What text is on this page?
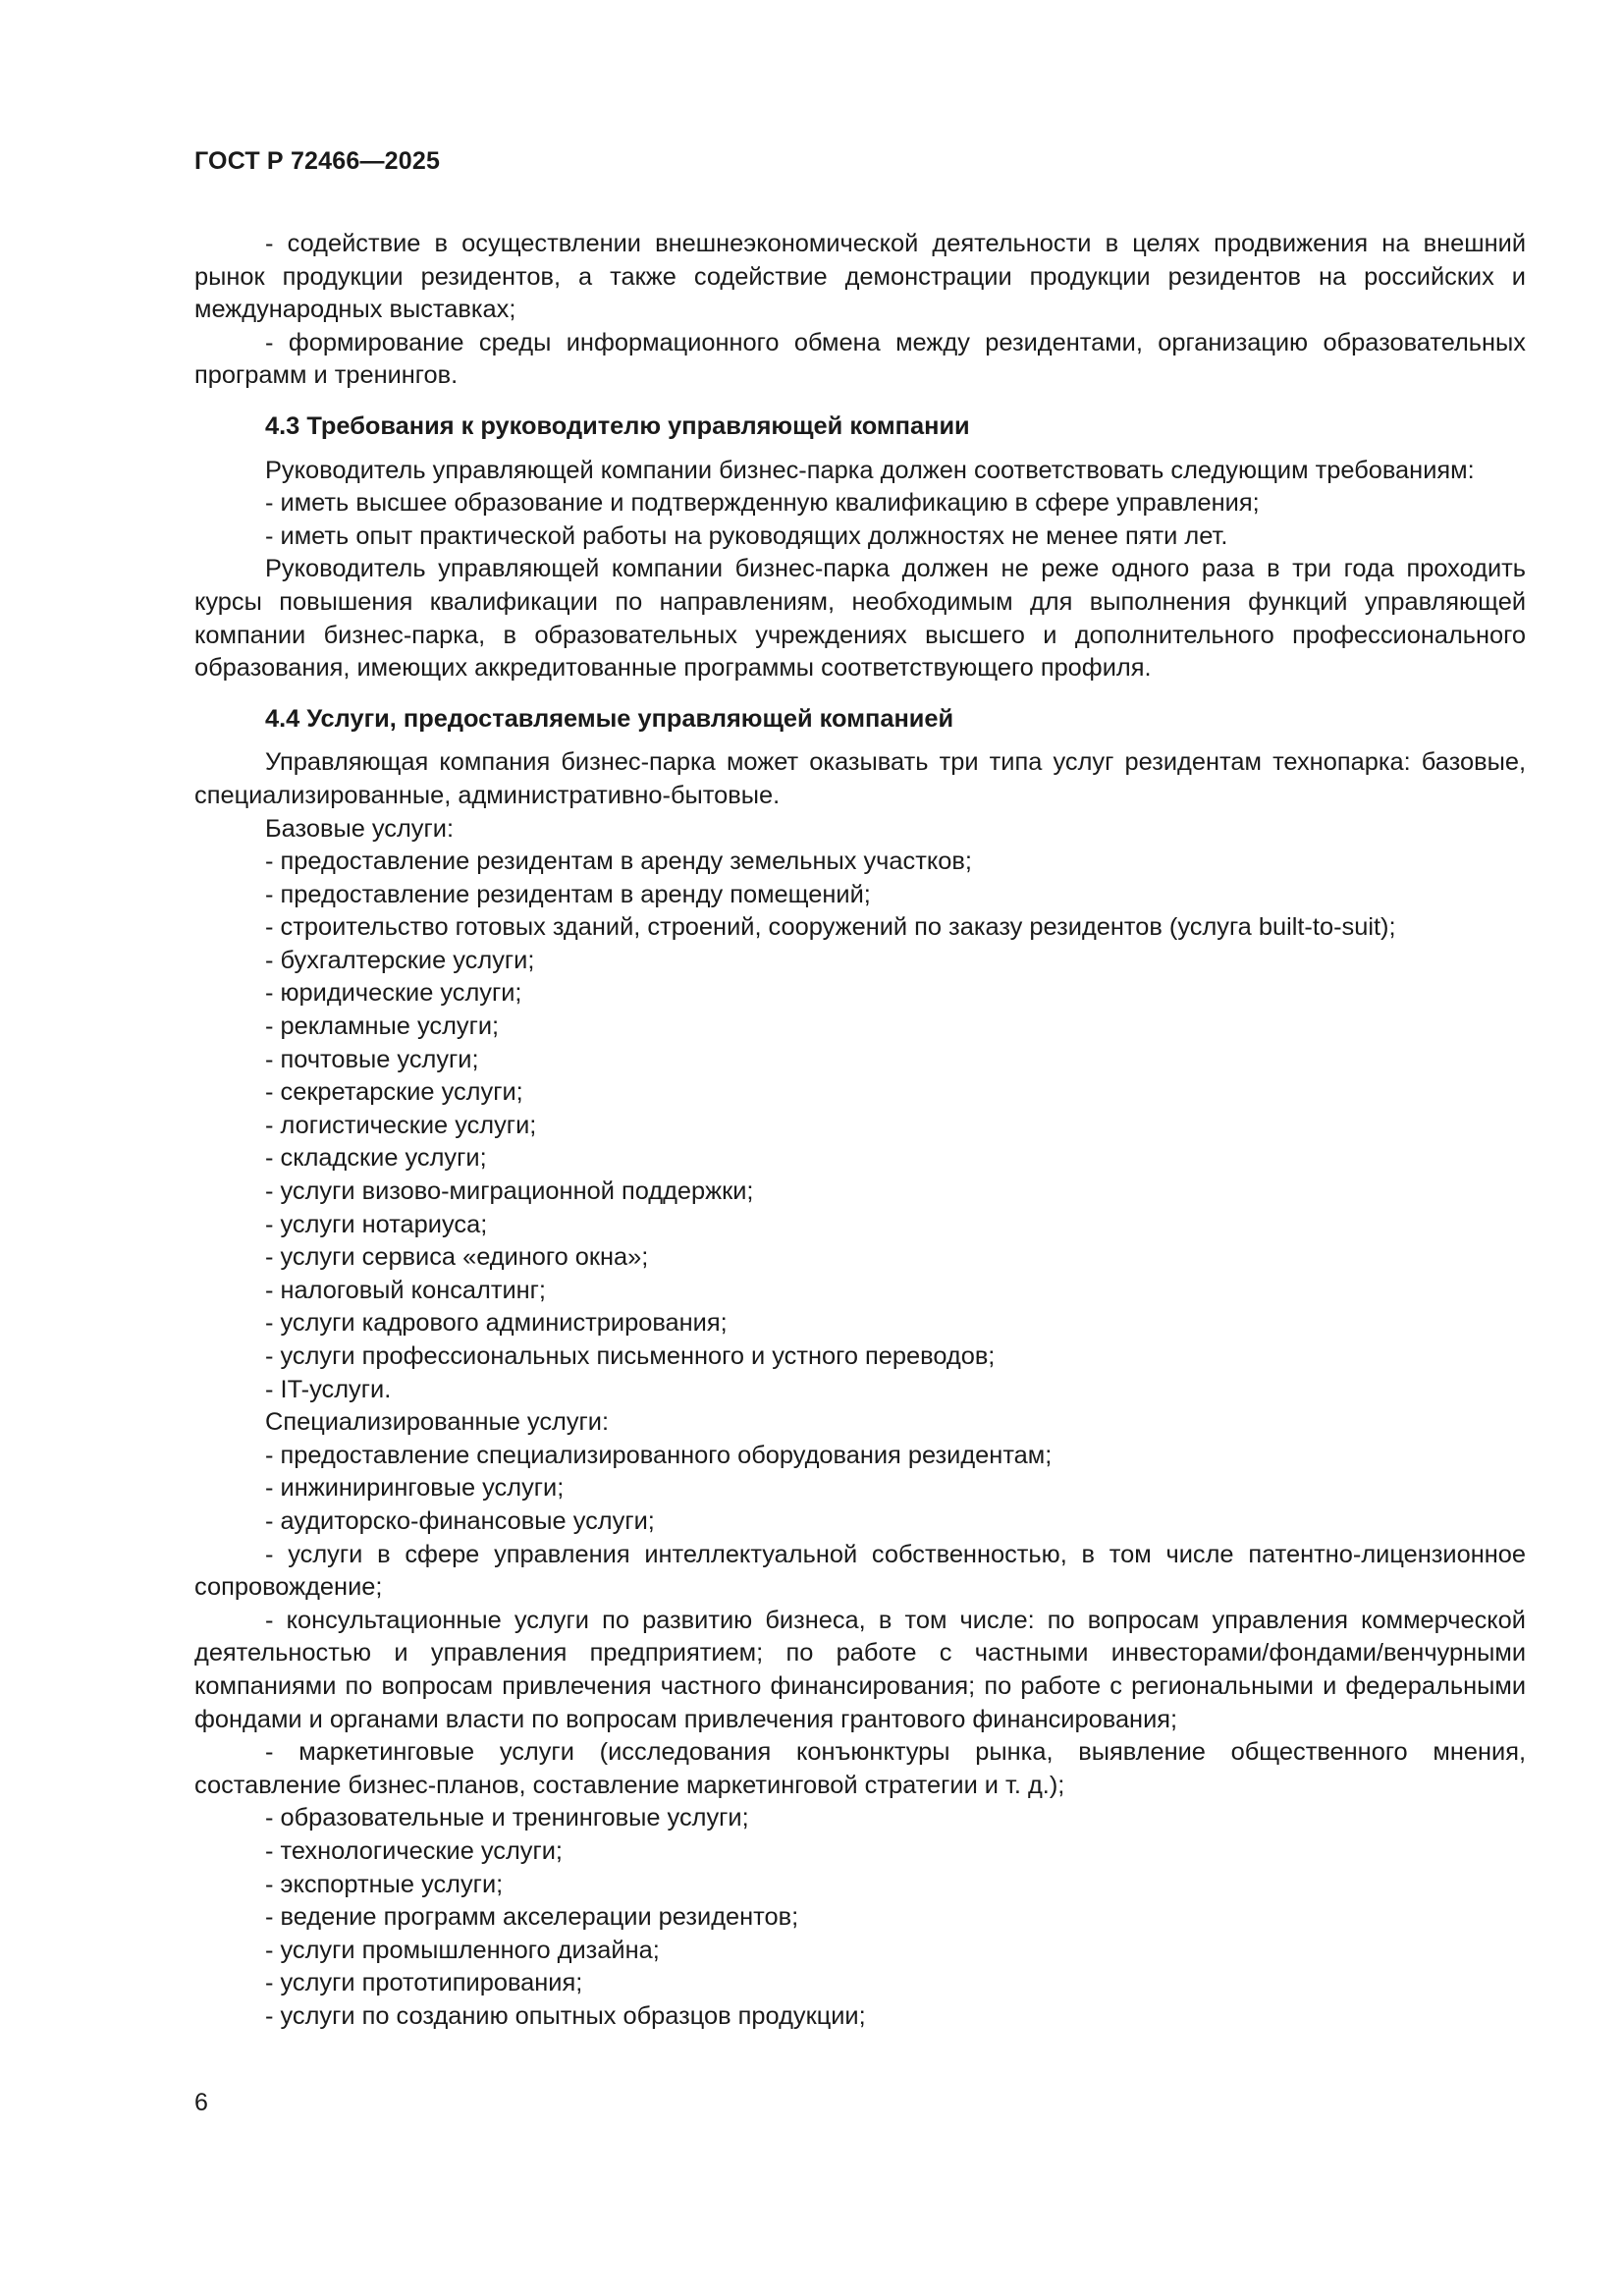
ГОСТ Р 72466—2025

- содействие в осуществлении внешнеэкономической деятельности в целях продвижения на внешний рынок продукции резидентов, а также содействие демонстрации продукции резидентов на российских и международных выставках;

- формирование среды информационного обмена между резидентами, организацию образовательных программ и тренингов.

4.3 Требования к руководителю управляющей компании

Руководитель управляющей компании бизнес-парка должен соответствовать следующим требованиям:

- иметь высшее образование и подтвержденную квалификацию в сфере управления;

- иметь опыт практической работы на руководящих должностях не менее пяти лет.

Руководитель управляющей компании бизнес-парка должен не реже одного раза в три года проходить курсы повышения квалификации по направлениям, необходимым для выполнения функций управляющей компании бизнес-парка, в образовательных учреждениях высшего и дополнительного профессионального образования, имеющих аккредитованные программы соответствующего профиля.

4.4 Услуги, предоставляемые управляющей компанией

Управляющая компания бизнес-парка может оказывать три типа услуг резидентам технопарка: базовые, специализированные, административно-бытовые.

Базовые услуги:

- предоставление резидентам в аренду земельных участков;

- предоставление резидентам в аренду помещений;

- строительство готовых зданий, строений, сооружений по заказу резидентов (услуга built-to-suit);

- бухгалтерские услуги;

- юридические услуги;

- рекламные услуги;

- почтовые услуги;

- секретарские услуги;

- логистические услуги;

- складские услуги;

- услуги визово-миграционной поддержки;

- услуги нотариуса;

- услуги сервиса «единого окна»;

- налоговый консалтинг;

- услуги кадрового администрирования;

- услуги профессиональных письменного и устного переводов;

- IT-услуги.

Специализированные услуги:

- предоставление специализированного оборудования резидентам;

- инжиниринговые услуги;

- аудиторско-финансовые услуги;

- услуги в сфере управления интеллектуальной собственностью, в том числе патентно-лицензионное сопровождение;

- консультационные услуги по развитию бизнеса, в том числе: по вопросам управления коммерческой деятельностью и управления предприятием; по работе с частными инвесторами/фондами/венчурными компаниями по вопросам привлечения частного финансирования; по работе с региональными и федеральными фондами и органами власти по вопросам привлечения грантового финансирования;

- маркетинговые услуги (исследования конъюнктуры рынка, выявление общественного мнения, составление бизнес-планов, составление маркетинговой стратегии и т. д.);

- образовательные и тренинговые услуги;

- технологические услуги;

- экспортные услуги;

- ведение программ акселерации резидентов;

- услуги промышленного дизайна;

- услуги прототипирования;

- услуги по созданию опытных образцов продукции;

6
